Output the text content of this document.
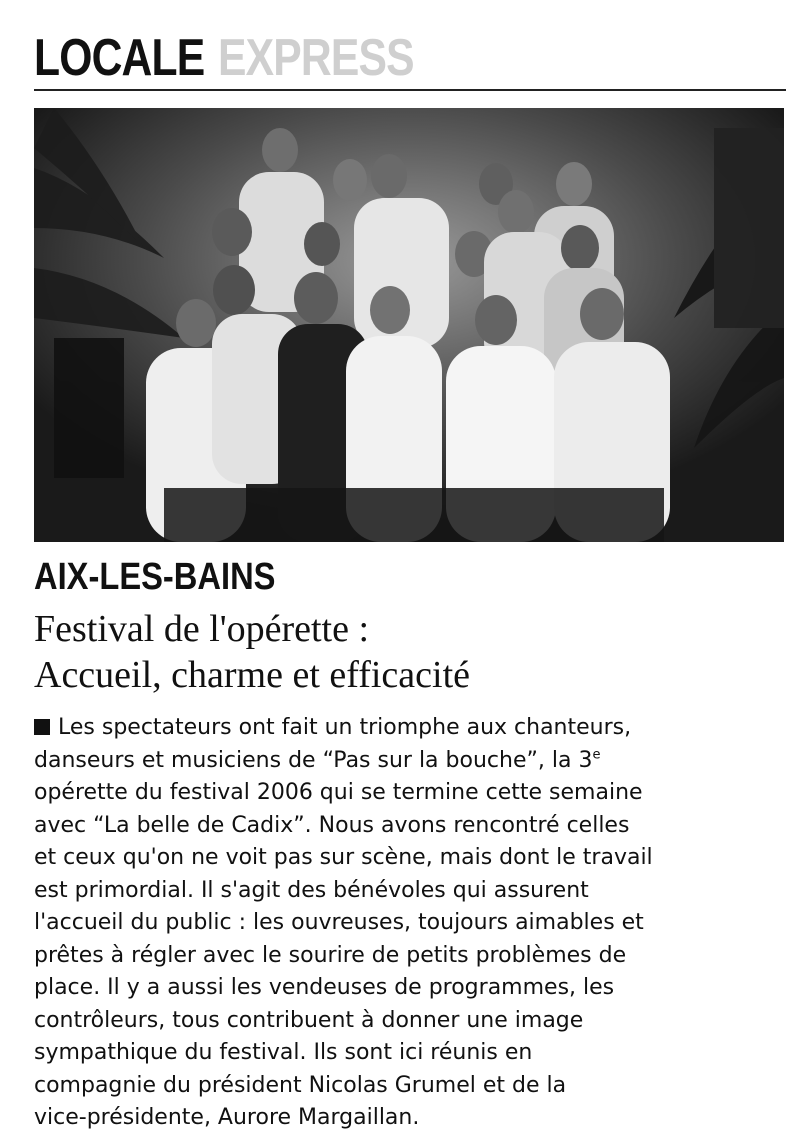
LOCALE EXPRESS
AIX-LES-BAINS
Festival de l'opérette :
Accueil, charme et efficacité
Les spectateurs ont fait un triomphe aux chanteurs,
danseurs et musiciens de “Pas sur la bouche”, la 3e
opérette du festival 2006 qui se termine cette semaine
avec “La belle de Cadix”. Nous avons rencontré celles
et ceux qu'on ne voit pas sur scène, mais dont le travail
est primordial. Il s'agit des bénévoles qui assurent
l'accueil du public : les ouvreuses, toujours aimables et
prêtes à régler avec le sourire de petits problèmes de
place. Il y a aussi les vendeuses de programmes, les
contrôleurs, tous contribuent à donner une image
sympathique du festival. Ils sont ici réunis en
compagnie du président Nicolas Grumel et de la
vice-présidente, Aurore Margaillan.
